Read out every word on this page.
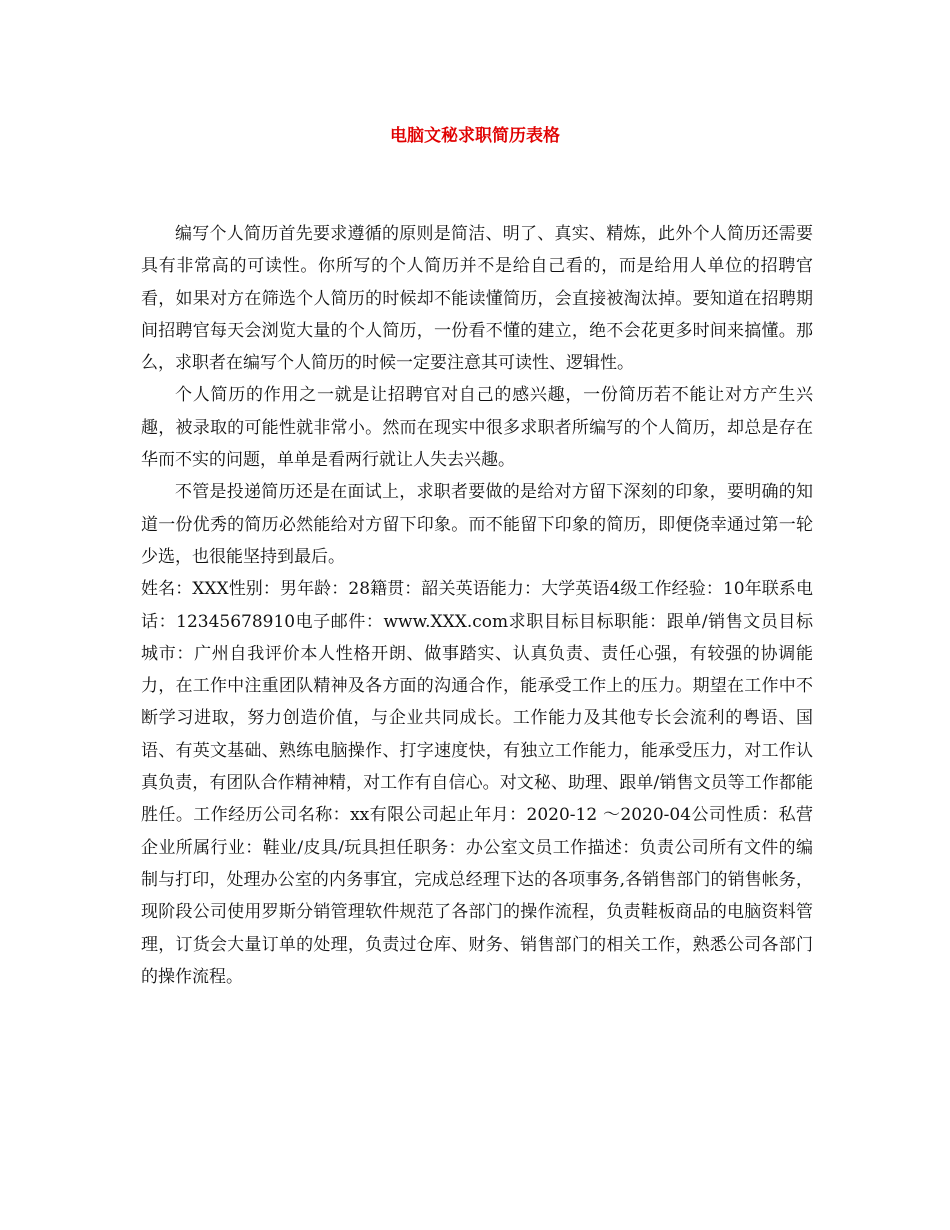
电脑文秘求职简历表格

编写个人简历首先要求遵循的原则是简洁、明了、真实、精炼，此外个人简历还需要具有非常高的可读性。你所写的个人简历并不是给自己看的，而是给用人单位的招聘官看，如果对方在筛选个人简历的时候却不能读懂简历，会直接被淘汰掉。要知道在招聘期间招聘官每天会浏览大量的个人简历，一份看不懂的建立，绝不会花更多时间来搞懂。那么，求职者在编写个人简历的时候一定要注意其可读性、逻辑性。

个人简历的作用之一就是让招聘官对自己的感兴趣，一份简历若不能让对方产生兴趣，被录取的可能性就非常小。然而在现实中很多求职者所编写的个人简历，却总是存在华而不实的问题，单单是看两行就让人失去兴趣。

不管是投递简历还是在面试上，求职者要做的是给对方留下深刻的印象，要明确的知道一份优秀的简历必然能给对方留下印象。而不能留下印象的简历，即便侥幸通过第一轮少选，也很能坚持到最后。

姓名：XXX性别：男年龄：28籍贯：韶关英语能力：大学英语4级工作经验：10年联系电话：12345678910电子邮件：www.XXX.com求职目标目标职能：跟单/销售文员目标城市：广州自我评价本人性格开朗、做事踏实、认真负责、责任心强，有较强的协调能力，在工作中注重团队精神及各方面的沟通合作，能承受工作上的压力。期望在工作中不断学习进取，努力创造价值，与企业共同成长。工作能力及其他专长会流利的粤语、国语、有英文基础、熟练电脑操作、打字速度快，有独立工作能力，能承受压力，对工作认真负责，有团队合作精神精，对工作有自信心。对文秘、助理、跟单/销售文员等工作都能胜任。工作经历公司名称：xx有限公司起止年月：2020-12 ～2020-04公司性质：私营企业所属行业：鞋业/皮具/玩具担任职务：办公室文员工作描述：负责公司所有文件的编制与打印，处理办公室的内务事宜，完成总经理下达的各项事务,各销售部门的销售帐务，现阶段公司使用罗斯分销管理软件规范了各部门的操作流程，负责鞋板商品的电脑资料管理，订货会大量订单的处理，负责过仓库、财务、销售部门的相关工作，熟悉公司各部门的操作流程。
